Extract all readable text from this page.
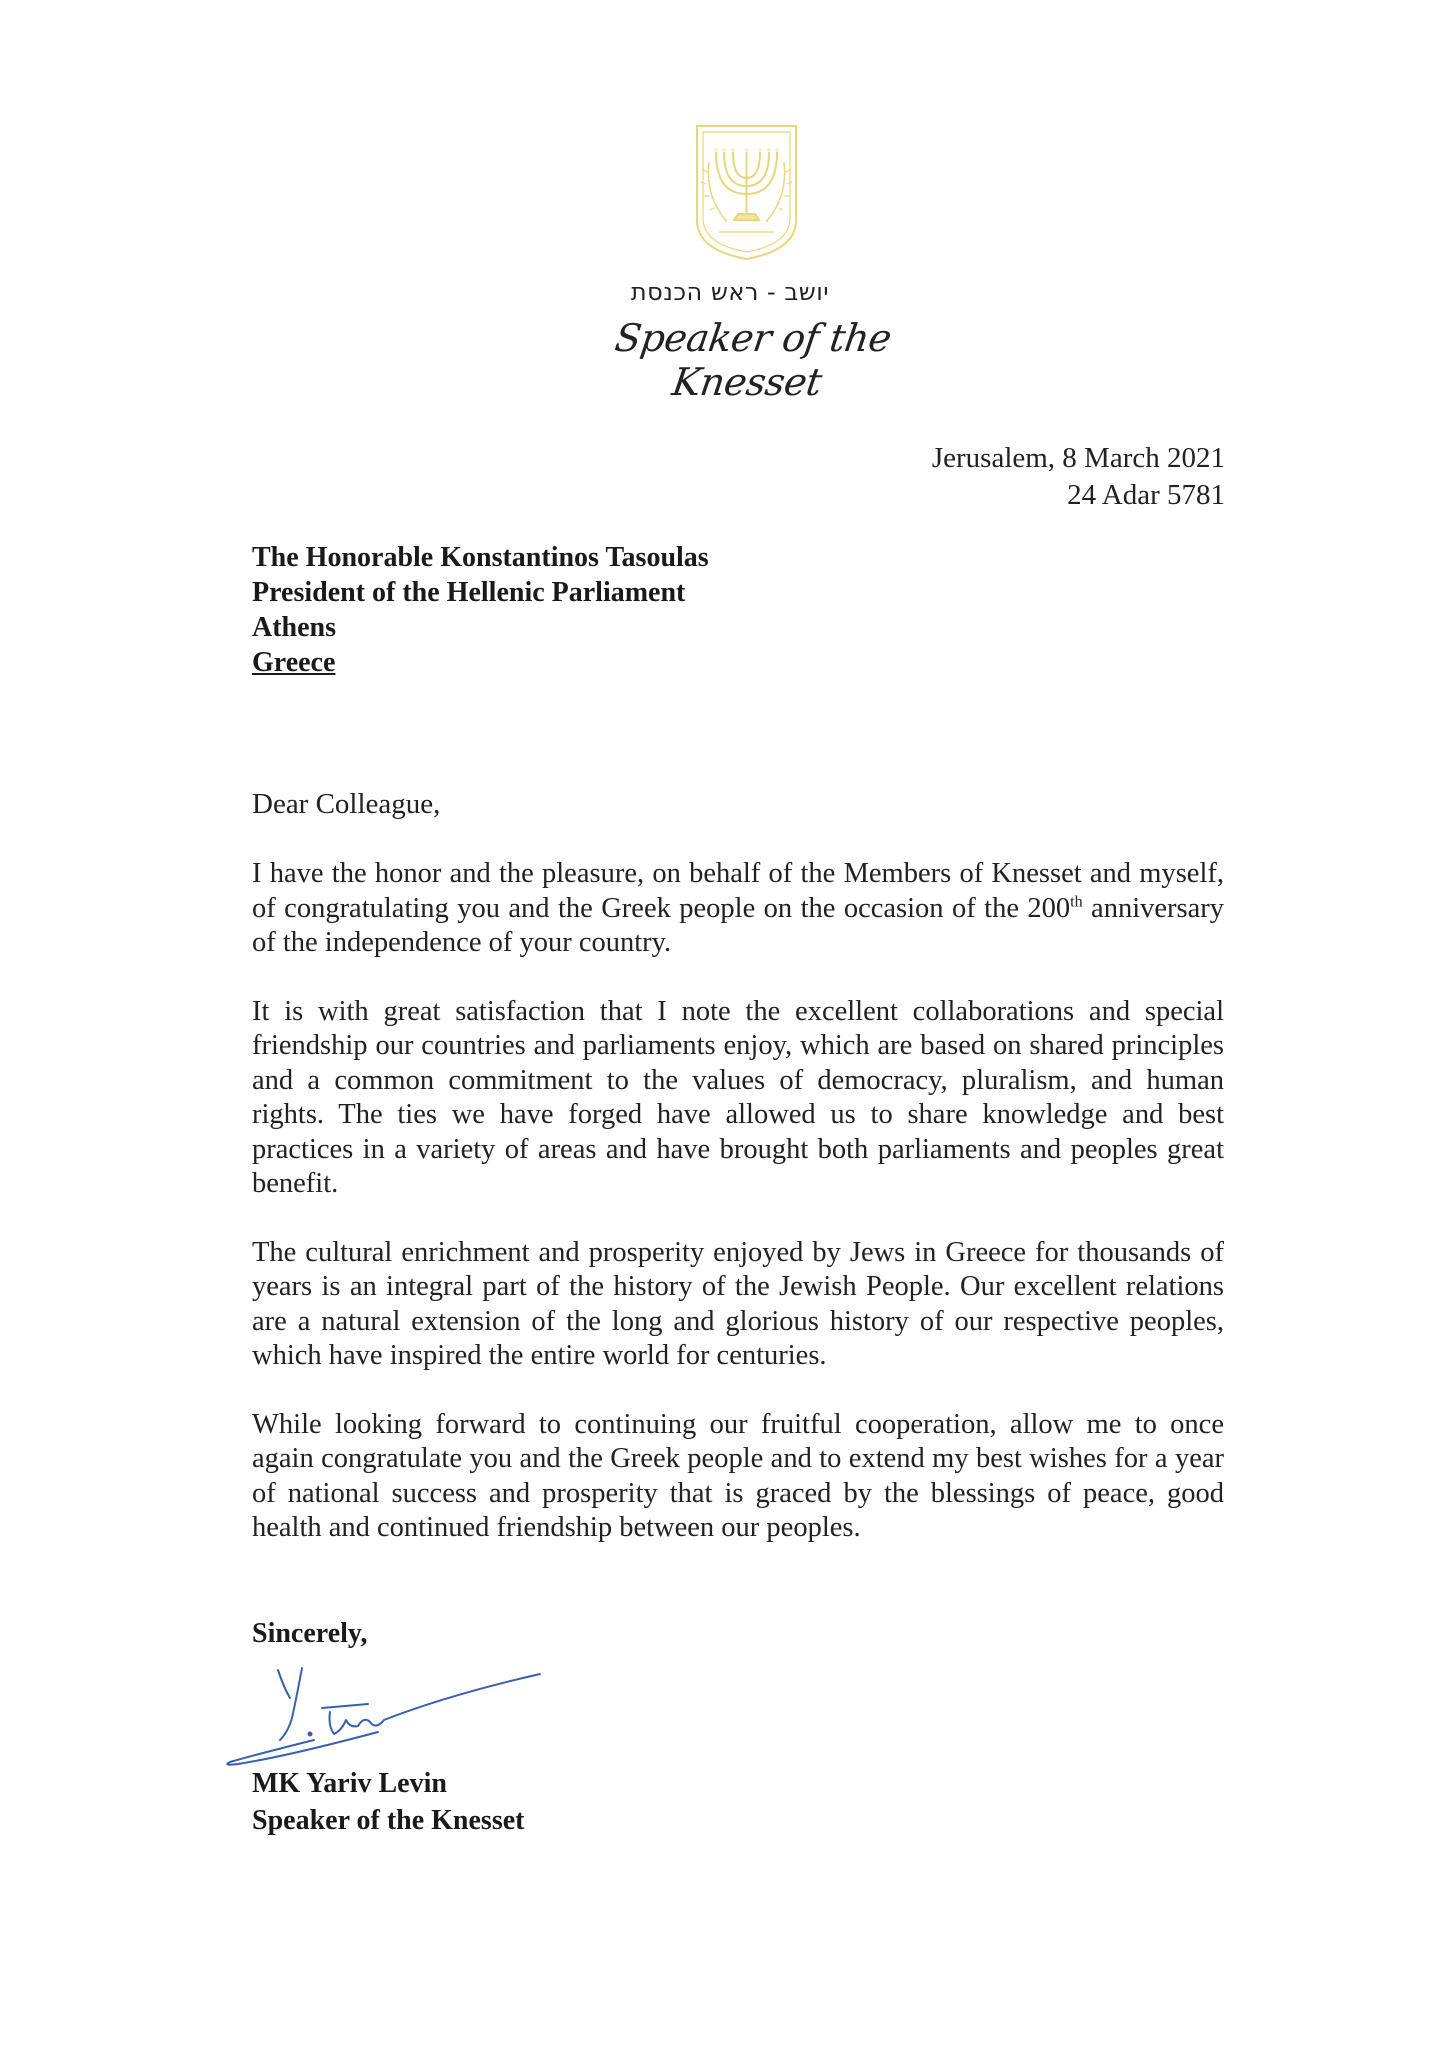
יושב - ראש הכנסת
Speaker of the Knesset
Jerusalem, 8 March 2021
24 Adar 5781
The Honorable Konstantinos Tasoulas
President of the Hellenic Parliament
Athens
Greece
Dear Colleague,

I have the honor and the pleasure, on behalf of the Members of Knesset and myself, of congratulating you and the Greek people on the occasion of the 200th anniversary of the independence of your country.

It is with great satisfaction that I note the excellent collaborations and special friendship our countries and parliaments enjoy, which are based on shared principles and a common commitment to the values of democracy, pluralism, and human rights. The ties we have forged have allowed us to share knowledge and best practices in a variety of areas and have brought both parliaments and peoples great benefit.

The cultural enrichment and prosperity enjoyed by Jews in Greece for thousands of years is an integral part of the history of the Jewish People. Our excellent relations are a natural extension of the long and glorious history of our respective peoples, which have inspired the entire world for centuries.

While looking forward to continuing our fruitful cooperation, allow me to once again congratulate you and the Greek people and to extend my best wishes for a year of national success and prosperity that is graced by the blessings of peace, good health and continued friendship between our peoples.

Sincerely,
MK Yariv Levin
Speaker of the Knesset
